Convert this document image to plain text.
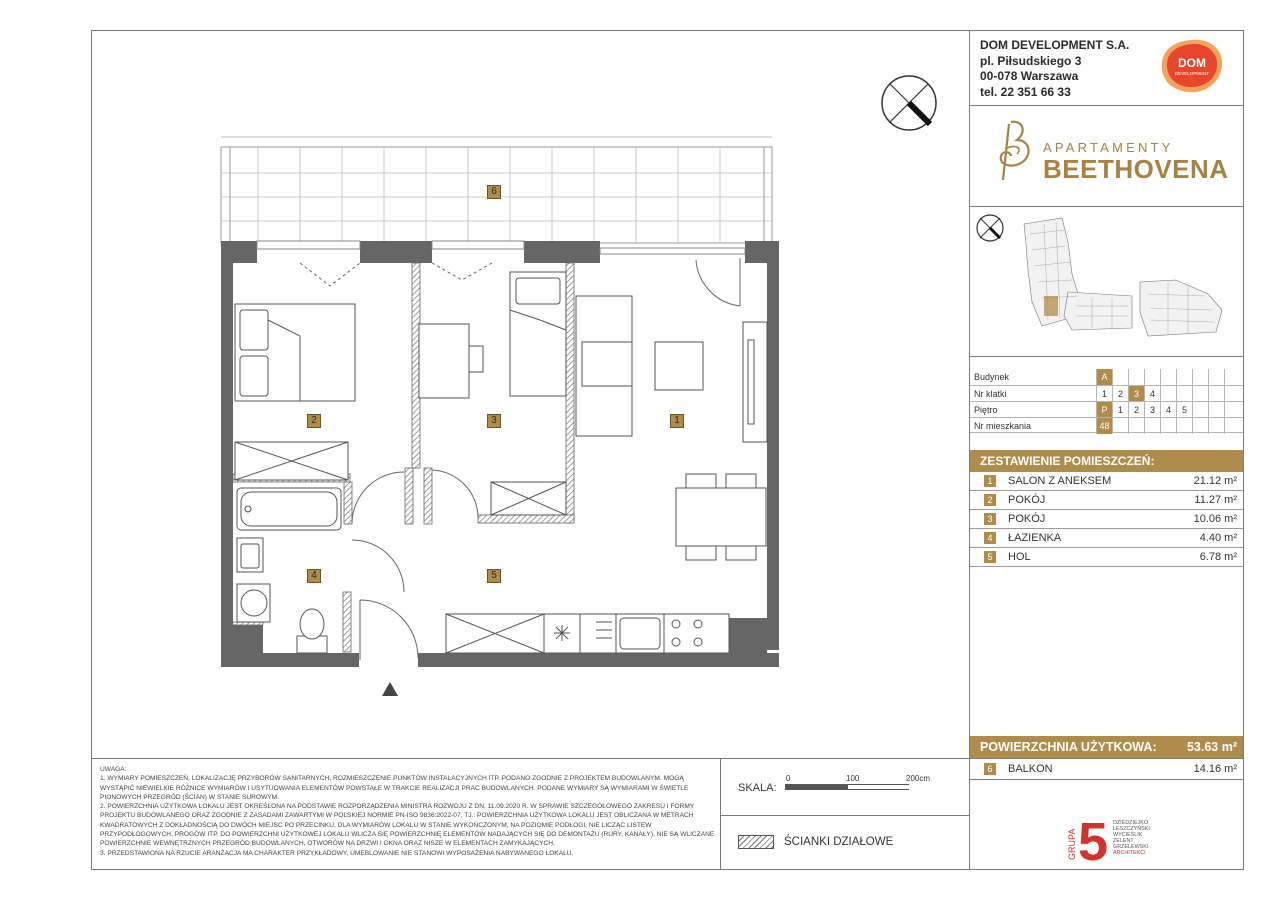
DOM DEVELOPMENT S.A.
pl. Piłsudskiego 3
00-078 Warszawa
tel. 22 351 66 33
DOM
DEVELOPMENT
APARTAMENTY
BEETHOVENA
Budynek	A
Nr klatki	1	2	3	4
Piętro	P	1	2	3	4	5
Nr mieszkania	48
ZESTAWIENIE POMIESZCZEŃ:
1	SALON Z ANEKSEM	21.12 m²
2	POKÓJ	11.27 m²
3	POKÓJ	10.06 m²
4	ŁAZIENKA	4.40 m²
5	HOL	6.78 m²
POWIERZCHNIA UŻYTKOWA: 53.63 m²
6	BALKON	14.16 m²

UWAGA:

1. WYMIARY POMIESZCZEŃ, LOKALIZACJĘ PRZYBORÓW SANITARNYCH, ROZMIESZCZENIE PUNKTÓW INSTALACYJNYCH ITP. PODANO ZGODNIE Z PROJEKTEM BUDOWLANYM. MOGĄ WYSTĄPIĆ NIEWIELKIE RÓŻNICE WYMIARÓW I USYTUOWANIA ELEMENTÓW POWSTAŁE W TRAKCIE REALIZACJI PRAC BUDOWLANYCH. PODANE WYMIARY SĄ WYMIARAMI W ŚWIETLE PIONOWYCH PRZEGRÓD (ŚCIAN) W STANIE SUROWYM.

2. POWIERZCHNIA UŻYTKOWA LOKALU JEST OKREŚLONA NA PODSTAWIE ROZPORZĄDZENIA MINISTRA ROZWOJU Z DN. 11.09.2020 R. W SPRAWIE SZCZEGÓŁOWEGO ZAKRESU I FORMY PROJEKTU BUDOWLANEGO ORAZ ZGODNIE Z ZASADAMI ZAWARTYMI W POLSKIEJ NORMIE PN-ISO 9836:2022-07, TJ.: POWIERZCHNIA UŻYTKOWA LOKALU JEST OBLICZANA W METRACH KWADRATOWYCH Z DOKŁADNOŚCIĄ DO DWÓCH MIEJSC PO PRZECINKU, DLA WYMIARÓW LOKALU W STANIE WYKOŃCZONYM, NA POZIOMIE PODŁOGI, NIE LICZĄC LISTEW PRZYPODŁOGOWYCH, PROGÓW ITP. DO POWIERZCHNI UŻYTKOWEJ LOKALU WLICZA SIĘ POWIERZCHNIĘ ELEMENTÓW NADAJĄCYCH SIĘ DO DEMONTAŻU (RURY, KANAŁY), NIE SĄ WLICZANE POWIERZCHNIE WEWNĘTRZNYCH PRZEGRÓD BUDOWLANYCH, OTWORÓW NA DRZWI I OKNA ORAZ NISZE W ELEMENTACH ZAMYKAJĄCYCH.

3. PRZEDSTAWIONA NA RZUCIE ARANŻACJA MA CHARAKTER PRZYKŁADOWY, UMEBLOWANIE NIE STANOWI WYPOSAŻENIA NABYWANEGO LOKALU.

SKALA:
0	100	200cm
ŚCIANKI DZIAŁOWE	GRUPA 5 DZIEDZIEJKO
LESZCZYŃSKI
WYCIEŚLIK
ZELENT
GRZELEWSKI
ARCHITEKCI
6
2	3	1
4	5
